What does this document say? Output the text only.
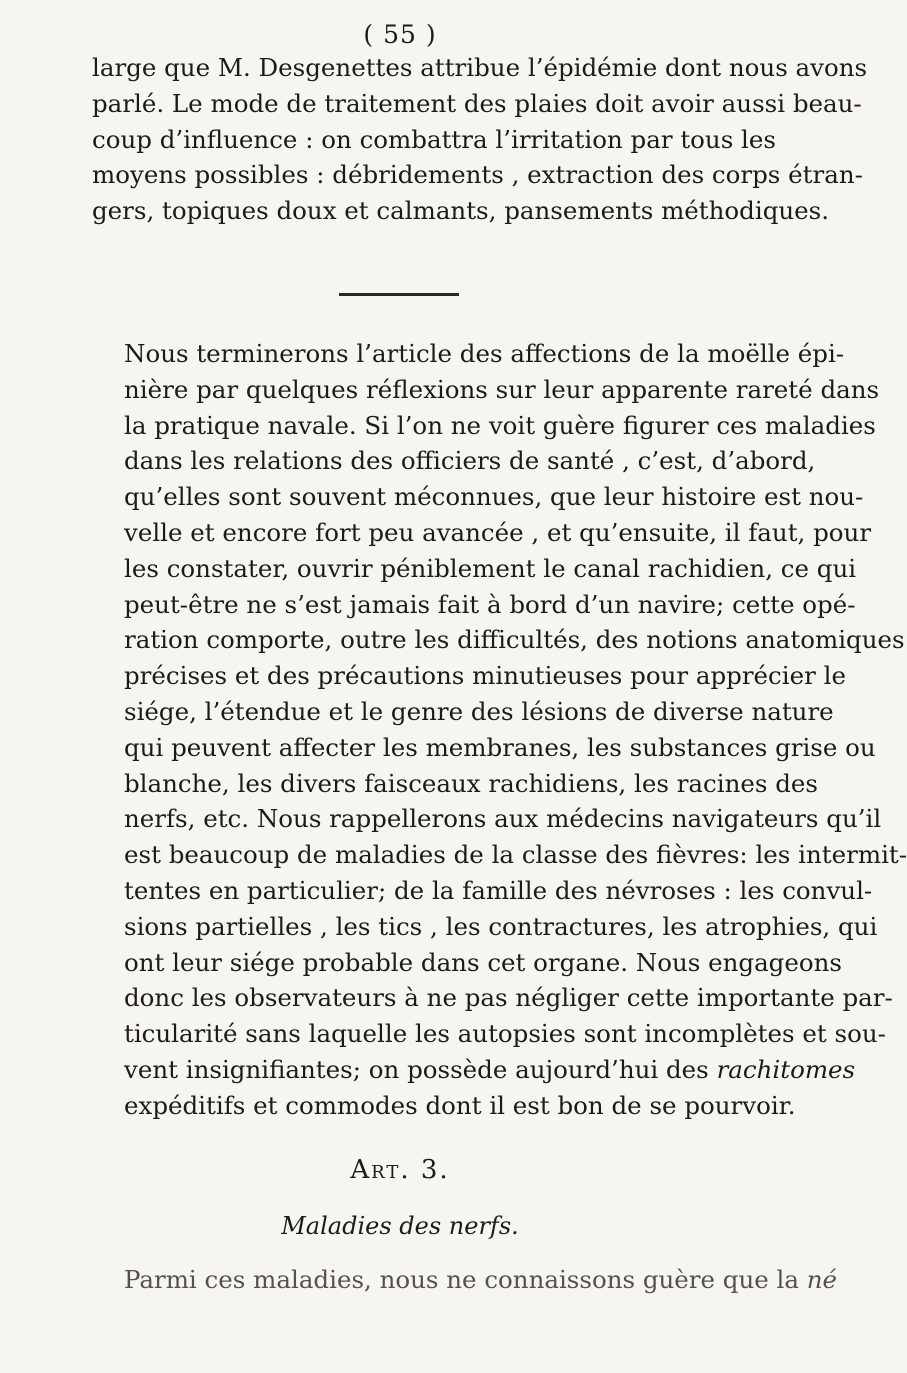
( 55 )

large que M. Desgenettes attribue l’épidémie dont nous avons
parlé. Le mode de traitement des plaies doit avoir aussi beau-
coup d’influence : on combattra l’irritation par tous les
moyens possibles : débridements , extraction des corps étran-
gers, topiques doux et calmants, pansements méthodiques.

Nous terminerons l’article des affections de la moëlle épi-
nière par quelques réflexions sur leur apparente rareté dans
la pratique navale. Si l’on ne voit guère figurer ces maladies
dans les relations des officiers de santé , c’est, d’abord,
qu’elles sont souvent méconnues, que leur histoire est nou-
velle et encore fort peu avancée , et qu’ensuite, il faut, pour
les constater, ouvrir péniblement le canal rachidien, ce qui
peut-être ne s’est jamais fait à bord d’un navire; cette opé-
ration comporte, outre les difficultés, des notions anatomiques
précises et des précautions minutieuses pour apprécier le
siége, l’étendue et le genre des lésions de diverse nature
qui peuvent affecter les membranes, les substances grise ou
blanche, les divers faisceaux rachidiens, les racines des
nerfs, etc. Nous rappellerons aux médecins navigateurs qu’il
est beaucoup de maladies de la classe des fièvres: les intermit-
tentes en particulier; de la famille des névroses : les convul-
sions partielles , les tics , les contractures, les atrophies, qui
ont leur siége probable dans cet organe. Nous engageons
donc les observateurs à ne pas négliger cette importante par-
ticularité sans laquelle les autopsies sont incomplètes et sou-
vent insignifiantes; on possède aujourd’hui des rachitomes
expéditifs et commodes dont il est bon de se pourvoir.

Art. 3.
Maladies des nerfs.

Parmi ces maladies, nous ne connaissons guère que la né
